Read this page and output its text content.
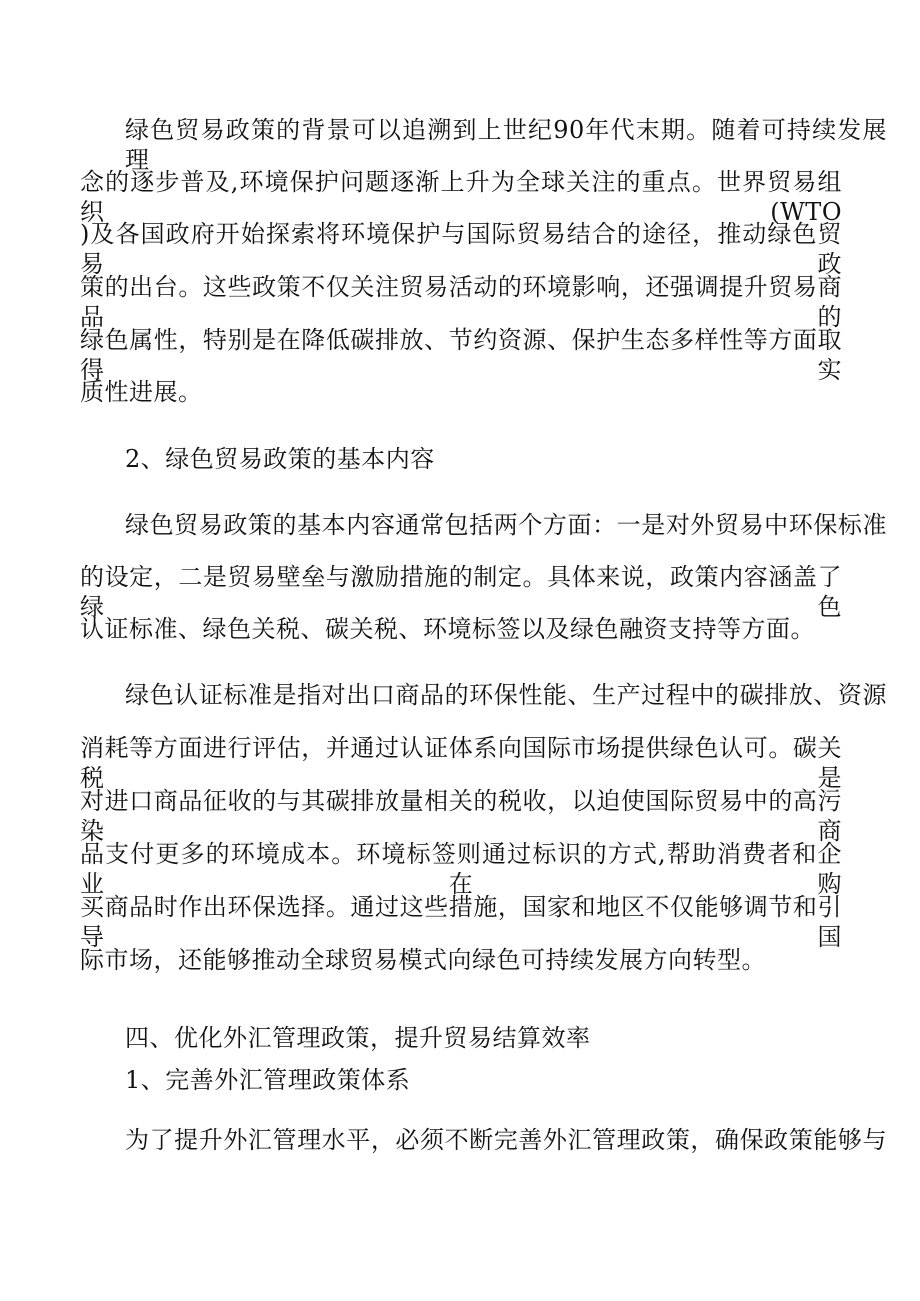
绿色贸易政策的背景可以追溯到上世纪90年代末期。随着可持续发展理
念的逐步普及,环境保护问题逐渐上升为全球关注的重点。世界贸易组织(WTO
)及各国政府开始探索将环境保护与国际贸易结合的途径，推动绿色贸易政
策的出台。这些政策不仅关注贸易活动的环境影响，还强调提升贸易商品的
绿色属性，特别是在降低碳排放、节约资源、保护生态多样性等方面取得实
质性进展。
2、绿色贸易政策的基本内容
绿色贸易政策的基本内容通常包括两个方面：一是对外贸易中环保标准
的设定，二是贸易壁垒与激励措施的制定。具体来说，政策内容涵盖了绿色
认证标准、绿色关税、碳关税、环境标签以及绿色融资支持等方面。
绿色认证标准是指对出口商品的环保性能、生产过程中的碳排放、资源
消耗等方面进行评估，并通过认证体系向国际市场提供绿色认可。碳关税是
对进口商品征收的与其碳排放量相关的税收，以迫使国际贸易中的高污染商
品支付更多的环境成本。环境标签则通过标识的方式,帮助消费者和企业在购
买商品时作出环保选择。通过这些措施，国家和地区不仅能够调节和引导国
际市场，还能够推动全球贸易模式向绿色可持续发展方向转型。
四、优化外汇管理政策，提升贸易结算效率
1、完善外汇管理政策体系
为了提升外汇管理水平，必须不断完善外汇管理政策，确保政策能够与
